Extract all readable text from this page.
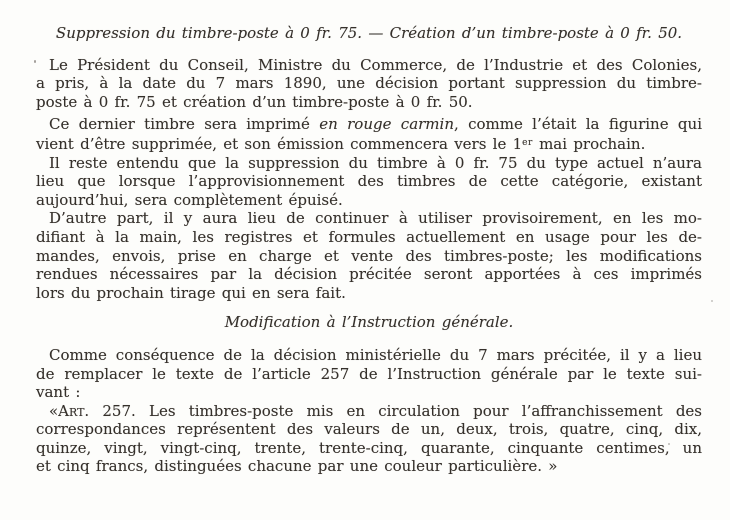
Suppression du timbre-poste à 0 fr. 75. — Création d’un timbre-poste à 0 fr. 50.
Le Président du Conseil, Ministre du Commerce, de l’Industrie et des Colonies,
a pris, à la date du 7 mars 1890, une décision portant suppression du timbre-
poste à 0 fr. 75 et création d’un timbre-poste à 0 fr. 50.
Ce dernier timbre sera imprimé en rouge carmin, comme l’était la figurine qui
vient d’être supprimée, et son émission commencera vers le 1er mai prochain.
Il reste entendu que la suppression du timbre à 0 fr. 75 du type actuel n’aura
lieu que lorsque l’approvisionnement des timbres de cette catégorie, existant
aujourd’hui, sera complètement épuisé.
D’autre part, il y aura lieu de continuer à utiliser provisoirement, en les mo-
difiant à la main, les registres et formules actuellement en usage pour les de-
mandes, envois, prise en charge et vente des timbres-poste; les modifications
rendues nécessaires par la décision précitée seront apportées à ces imprimés
lors du prochain tirage qui en sera fait.
Modification à l’Instruction générale.
Comme conséquence de la décision ministérielle du 7 mars précitée, il y a lieu
de remplacer le texte de l’article 257 de l’Instruction générale par le texte sui-
vant :
«Art. 257. Les timbres-poste mis en circulation pour l’affranchissement des
correspondances représentent des valeurs de un, deux, trois, quatre, cinq, dix,
quinze, vingt, vingt-cinq, trente, trente-cinq, quarante, cinquante centimes, un
et cinq francs, distinguées chacune par une couleur particulière. »
